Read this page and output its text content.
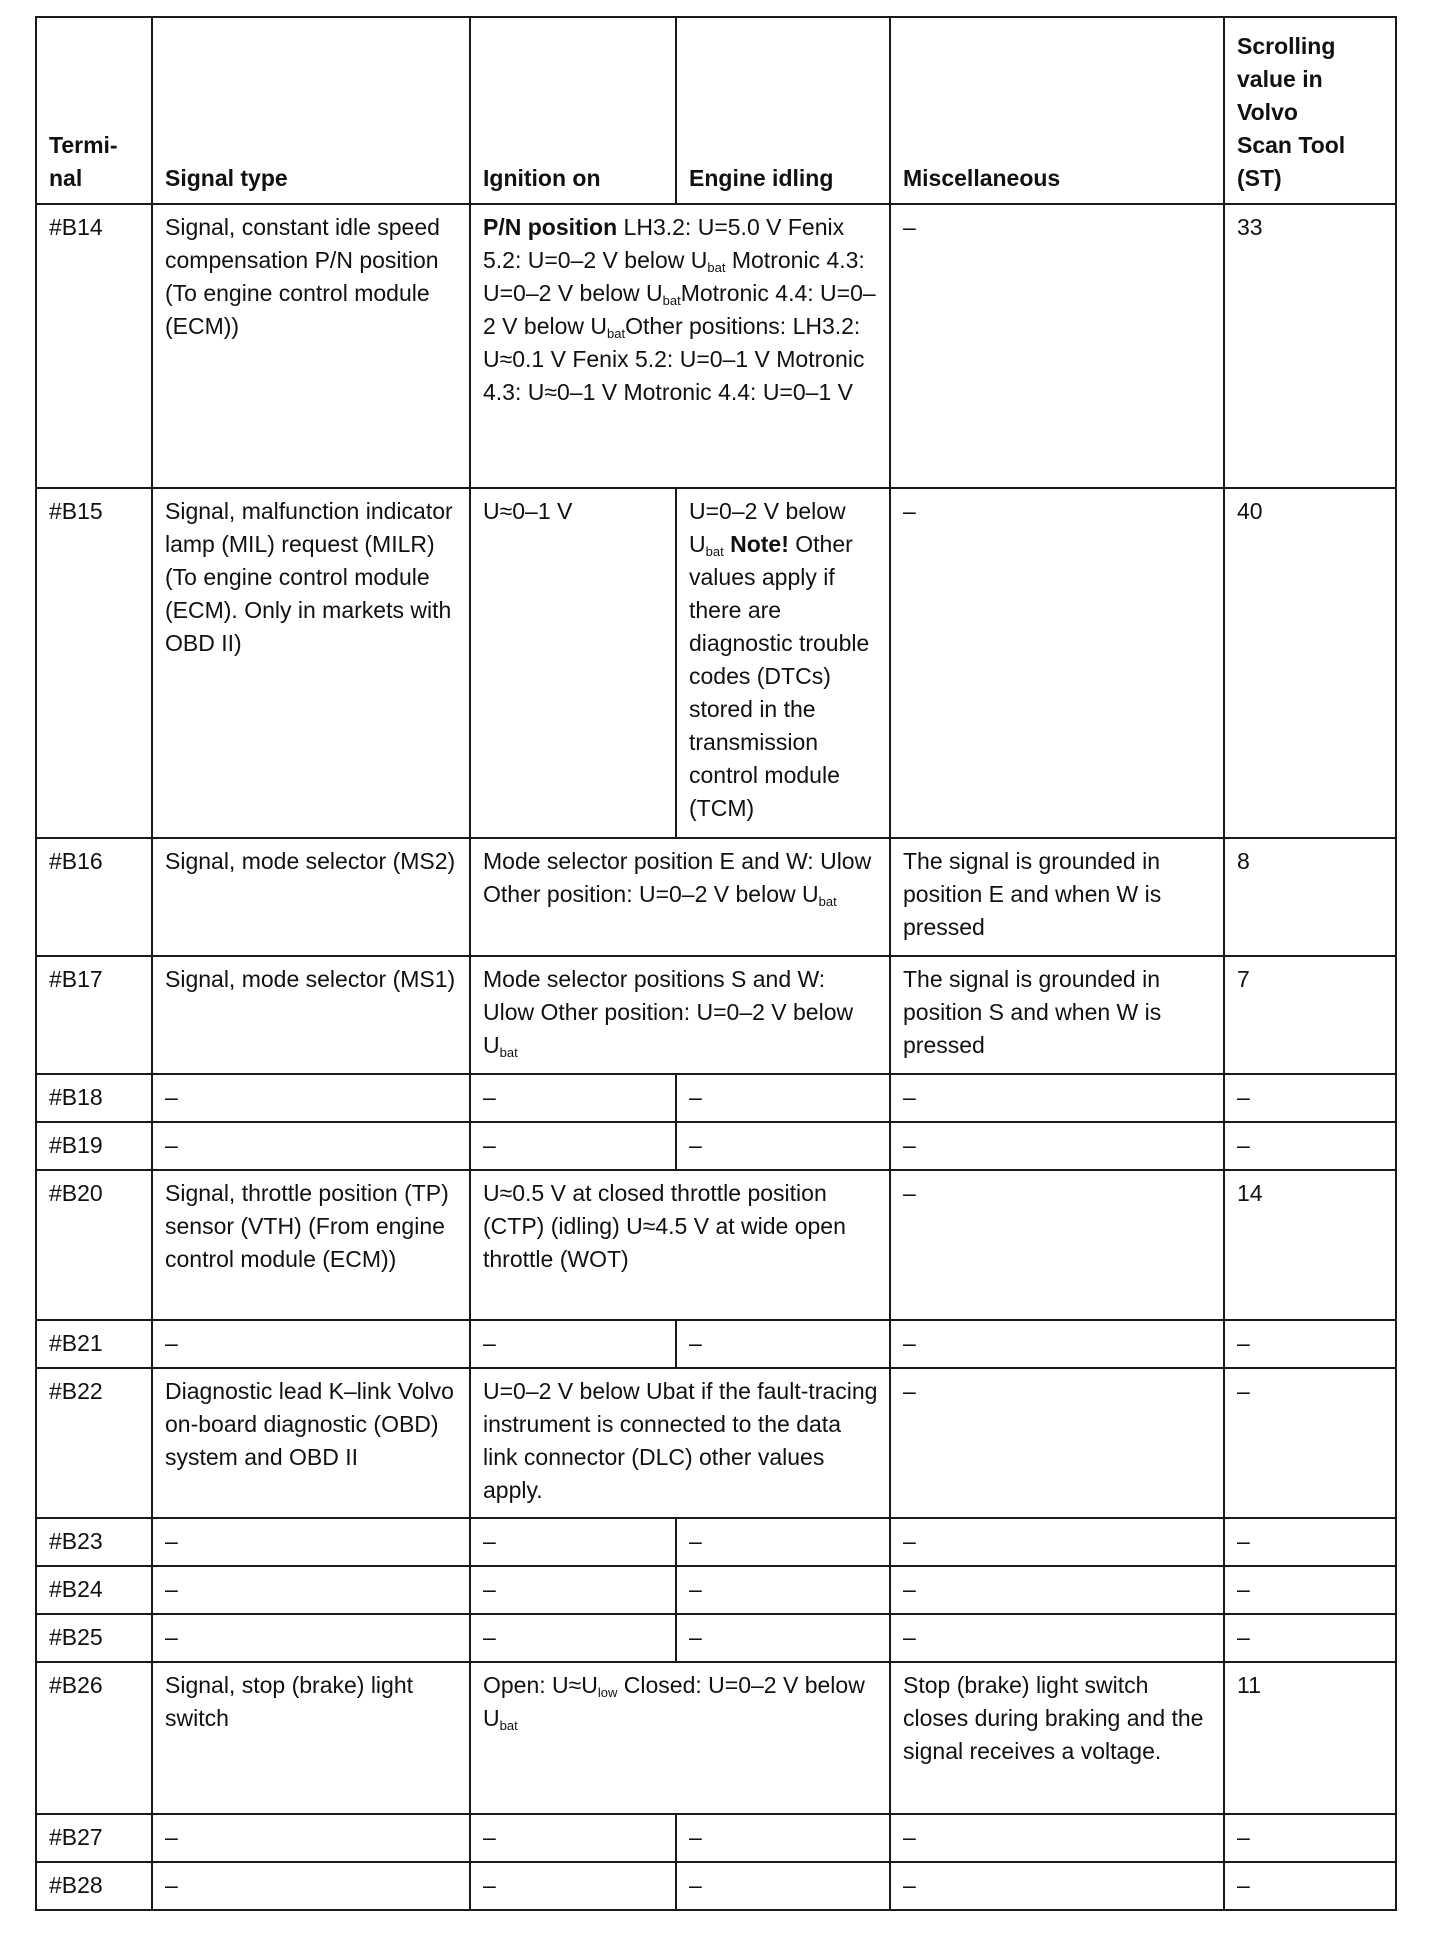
Termi-
nal	Signal type	Ignition on	Engine idling	Miscellaneous	Scrolling
value in
Volvo
Scan Tool
(ST)
#B14	Signal, constant idle speed compensation P/N position (To engine control module (ECM))	P/N position LH3.2: U=5.0 V Fenix 5.2: U=0–2 V below $U_{bat}$ Motronic 4.3: U=0–2 V below $U_{bat}Motronic$ 4.4: U=0–2 V below $U_{bat}Other$ positions: LH3.2: U≈0.1 V Fenix 5.2: U=0–1 V Motronic 4.3: U≈0–1 V Motronic 4.4: U=0–1 V		–	33
#B15	Signal, malfunction indicator lamp (MIL) request (MILR) (To engine control module (ECM). Only in markets with OBD II)	U≈0–1 V	U=0–2 V below $U_{bat}$ Note! Other values apply if there are diagnostic trouble codes (DTCs) stored in the transmission control module (TCM)	–	40
#B16	Signal, mode selector (MS2)	Mode selector position E and W: Ulow Other position: U=0–2 V below $U_{bat}$		The signal is grounded in position E and when W is pressed	8
#B17	Signal, mode selector (MS1)	Mode selector positions S and W: Ulow Other position: U=0–2 V below $U_{bat}$		The signal is grounded in position S and when W is pressed	7
#B18	–	–	–	–	–
#B19	–	–	–	–	–
#B20	Signal, throttle position (TP) sensor (VTH) (From engine control module (ECM))	U≈0.5 V at closed throttle position (CTP) (idling) U≈4.5 V at wide open throttle (WOT)		–	14
#B21	–	–	–	–	–
#B22	Diagnostic lead K–link Volvo on-board diagnostic (OBD) system and OBD II	U=0–2 V below Ubat if the fault-tracing instrument is connected to the data link connector (DLC) other values apply.		–	–
#B23	–	–	–	–	–
#B24	–	–	–	–	–
#B25	–	–	–	–	–
#B26	Signal, stop (brake) light switch	Open: $U\approx U_{low}$ Closed: U=0–2 V below $U_{bat}$		Stop (brake) light switch closes during braking and the signal receives a voltage.	11
#B27	–	–	–	–	–
#B28	–	–	–	–	–
